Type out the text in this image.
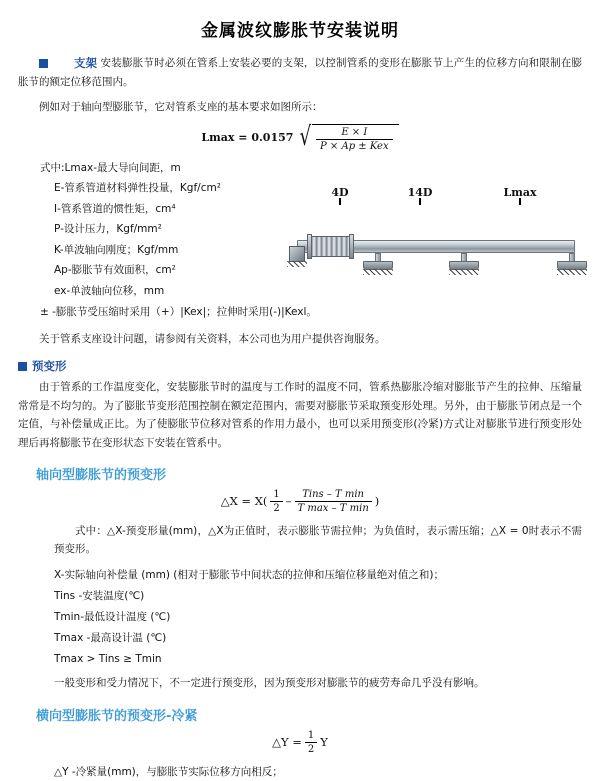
金属波纹膨胀节安装说明

支架 安装膨胀节时必须在管系上安装必要的支架，以控制管系的变形在膨胀节上产生的位移方向和限制在膨胀节的额定位移范围内。

例如对于轴向型膨胀节，它对管系支座的基本要求如图所示：

Lmax = 0.0157 √ $\frac{E \times I}{\text{P × Ap ± Kex}}$
式中:Lmax-最大导向间距，m
E-管系管道材料弹性投量，Kgf/cm²
I-管系管道的惯性矩，cm⁴
P-设计压力，Kgf/mm²
K-单波轴向刚度；Kgf/mm
Ap-膨胀节有效面积，cm²
ex-单波轴向位移，mm
± -膨胀节受压缩时采用（+）|Kex|；拉伸时采用(-)|Kexl。
4D	14D	Lmax

关于管系支座设计问题，请参阅有关资料，本公司也为用户提供咨询服务。

预变形

由于管系的工作温度变化，安装膨胀节时的温度与工作时的温度不同，管系热膨胀冷缩对膨胀节产生的拉伸、压缩量常常是不均匀的。为了膨胀节变形范围控制在额定范围内，需要对膨胀节采取预变形处理。另外，由于膨胀节闭点是一个定值，与补偿量成正比。为了使膨胀节位移对管系的作用力最小，也可以采用预变形(冷紧)方式让对膨胀节进行预变形处理后再将膨胀节在变形状态下安装在管系中。

轴向型膨胀节的预变形
△X = $X( \frac{1}{2} - \frac{\text{Tins – T min}}{\text{T max – T min}}$ )

式中：△X-预变形量(mm)，△X为正值时，表示膨胀节需拉伸；为负值时，表示需压缩；△X = 0时表示不需预变形。

X-实际轴向补偿量 (mm) (相对于膨胀节中间状态的拉伸和压缩位移量绝对值之和)；
Tins -安装温度(℃)
Tmin-最低设计温度 (℃)
Tmax -最高设计温 (℃)
Tmax > Tins ≥ Tmin
一般变形和受力情况下，不一定进行预变形，因为预变形对膨胀节的疲劳寿命几乎没有影响。
横向型膨胀节的预变形-冷紧
△Y = $\frac{1}{2}$ Y
△Y -冷紧量(mm)，与膨胀节实际位移方向相反；
